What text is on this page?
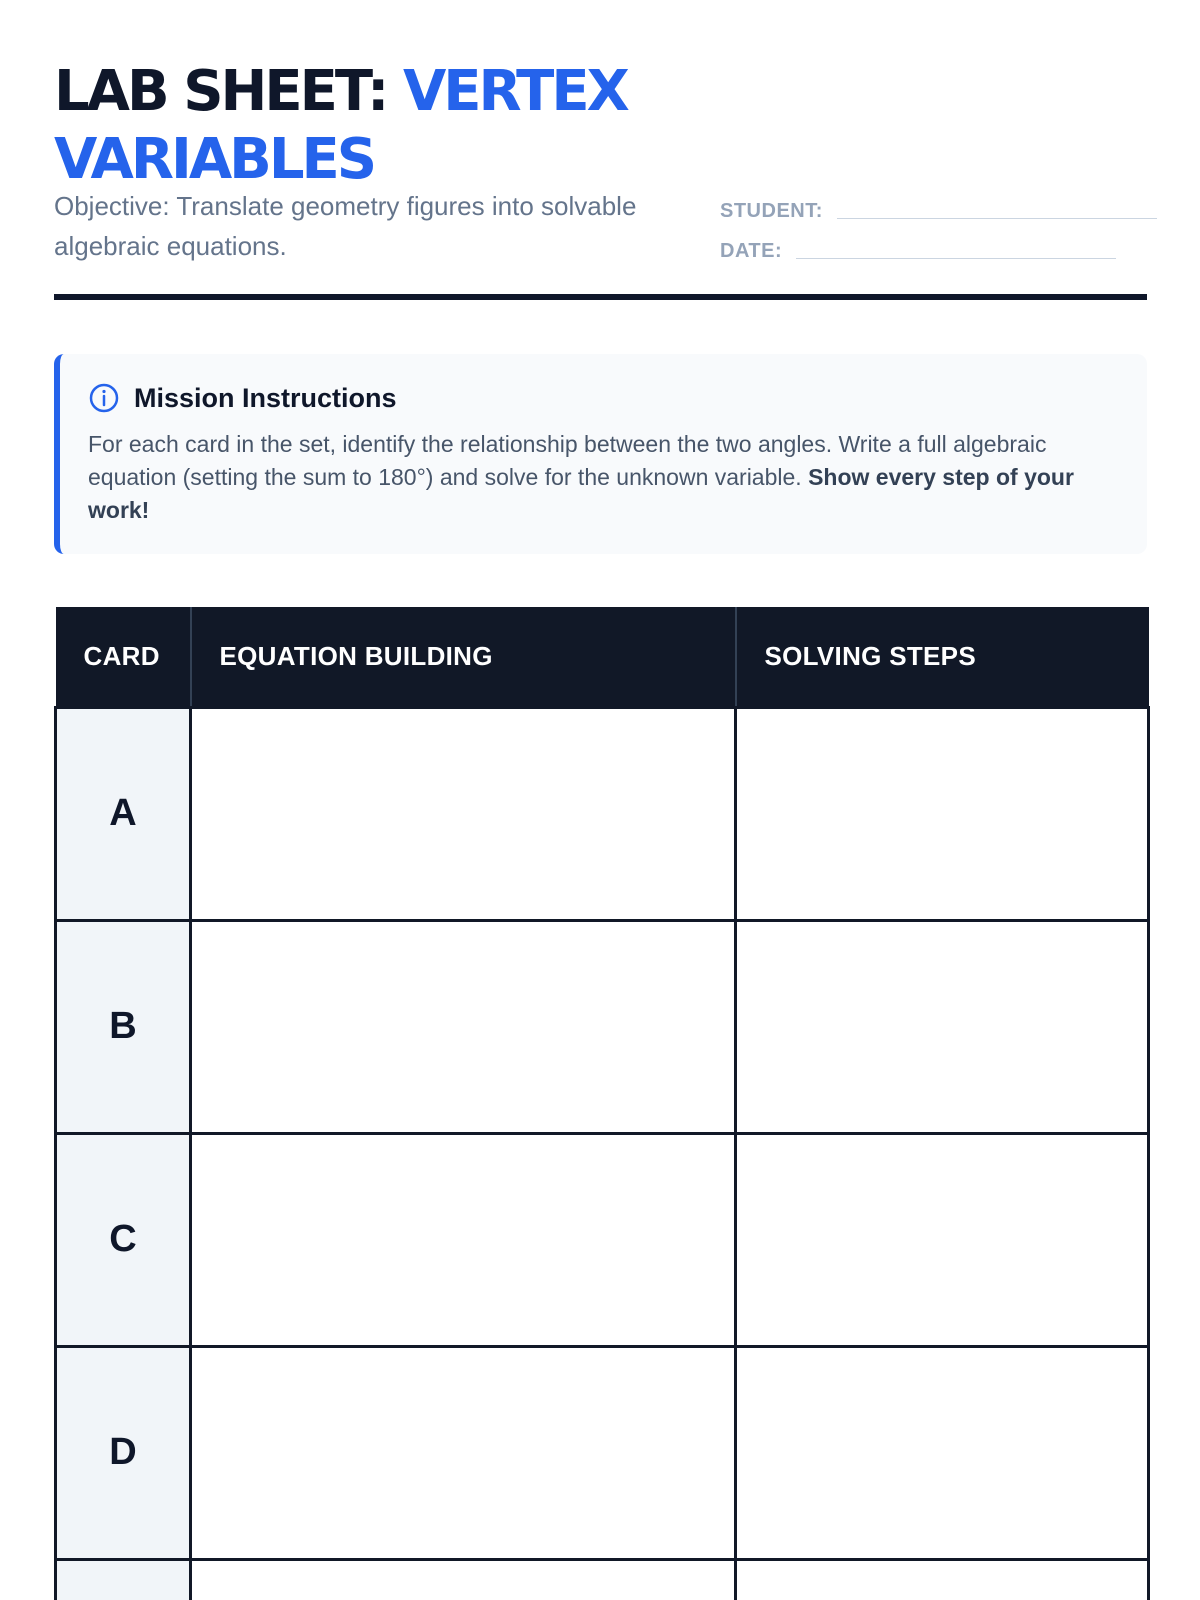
LAB SHEET: VERTEX VARIABLES

Objective: Translate geometry figures into solvable algebraic equations.

STUDENT:
DATE:
Mission Instructions

For each card in the set, identify the relationship between the two angles. Write a full algebraic equation (setting the sum to 180°) and solve for the unknown variable. Show every step of your work!

CARD	EQUATION BUILDING	SOLVING STEPS
A		
B		
C		
D		
